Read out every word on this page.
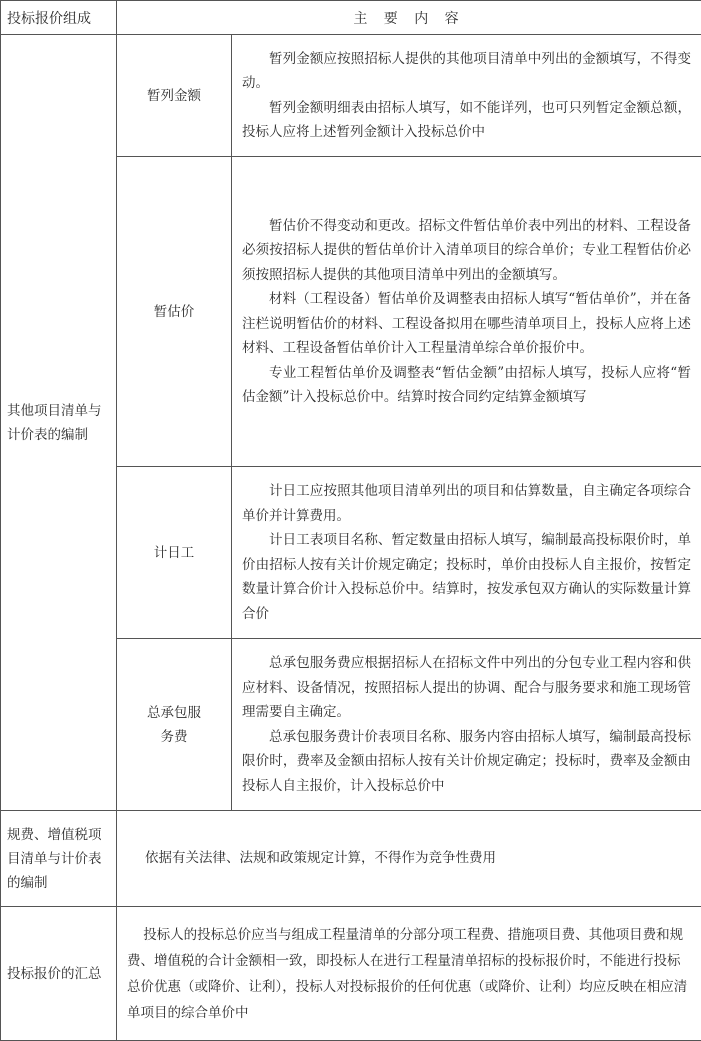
投标报价组成	主 要 内 容	
其他项目清单与计价表的编制	暂列金额	暂列金额应按照招标人提供的其他项目清单中列出的金额填写，不得变动。

暂列金额明细表由招标人填写，如不能详列，也可只列暂定金额总额，投标人应将上述暂列金额计入投标总价中

	暂估价	暂估价不得变动和更改。招标文件暂估单价表中列出的材料、工程设备必须按招标人提供的暂估单价计入清单项目的综合单价；专业工程暂估价必须按照招标人提供的其他项目清单中列出的金额填写。

材料（工程设备）暂估单价及调整表由招标人填写“暂估单价”，并在备注栏说明暂估价的材料、工程设备拟用在哪些清单项目上，投标人应将上述材料、工程设备暂估单价计入工程量清单综合单价报价中。

专业工程暂估单价及调整表“暂估金额”由招标人填写，投标人应将“暂估金额”计入投标总价中。结算时按合同约定结算金额填写

	计日工	计日工应按照其他项目清单列出的项目和估算数量，自主确定各项综合单价并计算费用。

计日工表项目名称、暂定数量由招标人填写，编制最高投标限价时，单价由招标人按有关计价规定确定；投标时，单价由投标人自主报价，按暂定数量计算合价计入投标总价中。结算时，按发承包双方确认的实际数量计算合价

	总承包服务费	总承包服务费应根据招标人在招标文件中列出的分包专业工程内容和供应材料、设备情况，按照招标人提出的协调、配合与服务要求和施工现场管理需要自主确定。

总承包服务费计价表项目名称、服务内容由招标人填写，编制最高投标限价时，费率及金额由招标人按有关计价规定确定；投标时，费率及金额由投标人自主报价，计入投标总价中

规费、增值税项目清单与计价表的编制	依据有关法律、法规和政策规定计算，不得作为竞争性费用	
投标报价的汇总	投标人的投标总价应当与组成工程量清单的分部分项工程费、措施项目费、其他项目费和规费、增值税的合计金额相一致，即投标人在进行工程量清单招标的投标报价时，不能进行投标总价优惠（或降价、让利），投标人对投标报价的任何优惠（或降价、让利）均应反映在相应清单项目的综合单价中	
